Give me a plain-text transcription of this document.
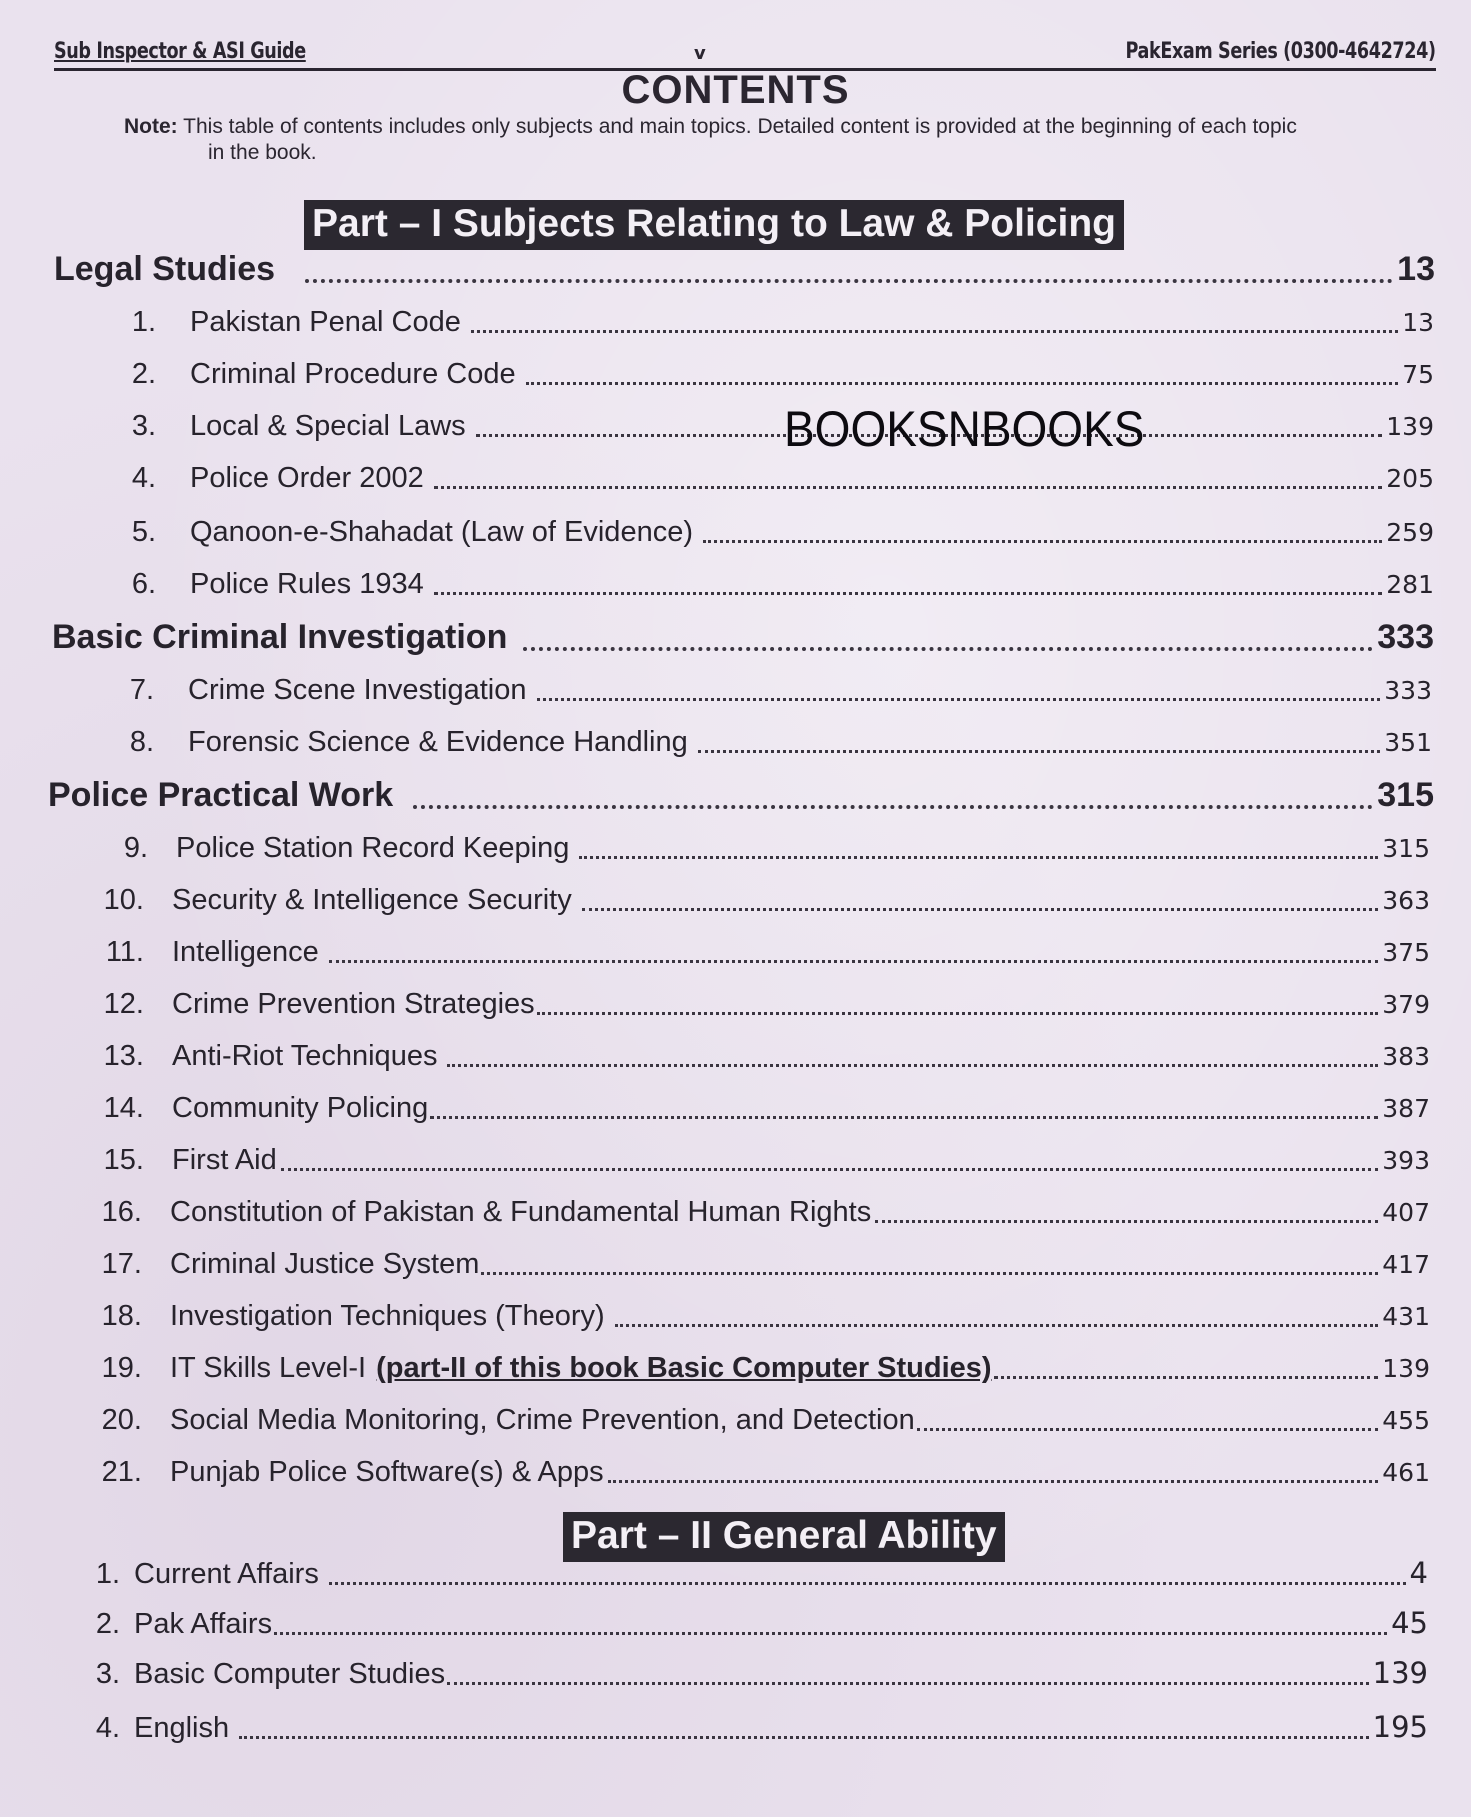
Sub Inspector & ASI Guide	v	PakExam Series (0300-4642724)
CONTENTS
Note: This table of contents includes only subjects and main topics. Detailed content is provided at the beginning of each topic
in the book.
Part – I Subjects Relating to Law & Policing
Legal Studies	13
1. Pakistan Penal Code	13
2. Criminal Procedure Code	75
3. Local & Special Laws	139
4. Police Order 2002	205
5. Qanoon-e-Shahadat (Law of Evidence)	259
6. Police Rules 1934	281
Basic Criminal Investigation	333
7. Crime Scene Investigation	333
8. Forensic Science & Evidence Handling	351
Police Practical Work	315
9. Police Station Record Keeping	315
10. Security & Intelligence Security	363
11. Intelligence	375
12. Crime Prevention Strategies	379
13. Anti-Riot Techniques	383
14. Community Policing	387
15. First Aid	393
16. Constitution of Pakistan & Fundamental Human Rights	407
17. Criminal Justice System	417
18. Investigation Techniques (Theory)	431
19. IT Skills Level-I (part-II of this book Basic Computer Studies)	139
20. Social Media Monitoring, Crime Prevention, and Detection	455
21. Punjab Police Software(s) & Apps	461
Part – II General Ability
1. Current Affairs	4
2. Pak Affairs	45
3. Basic Computer Studies	139
4. English	195
BOOKSNBOOKS
